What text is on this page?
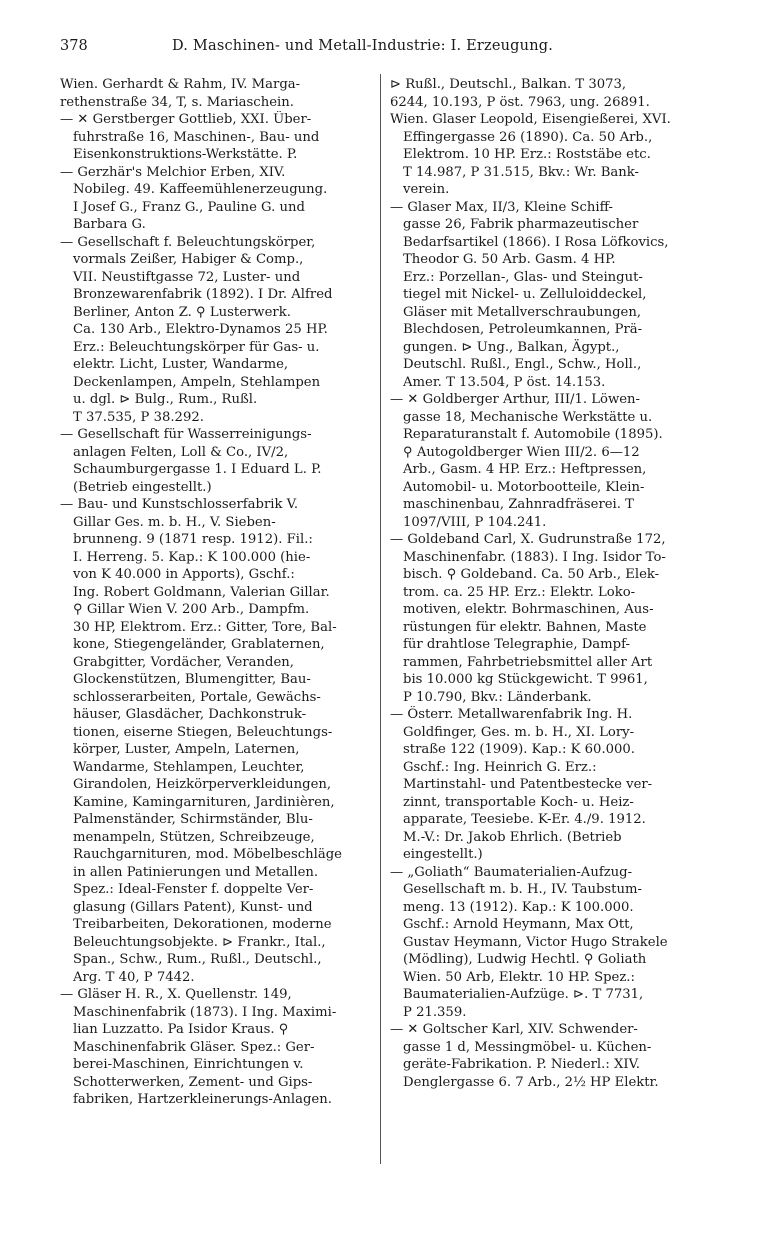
378	D. Maschinen- und Metall-Industrie: I. Erzeugung.
Wien. Gerhardt & Rahm, IV. Marga-
rethenstraße 34, T, s. Mariaschein.
— ✕ Gerstberger Gottlieb, XXI. Über-
fuhrstraße 16, Maschinen-, Bau- und
Eisenkonstruktions-Werkstätte. P.
— Gerzhär's Melchior Erben, XIV.
Nobileg. 49. Kaffeemühlenerzeugung.
I Josef G., Franz G., Pauline G. und
Barbara G.
— Gesellschaft f. Beleuchtungskörper,
vormals Zeißer, Habiger & Comp.,
VII. Neustiftgasse 72, Luster- und
Bronzewarenfabrik (1892). I Dr. Alfred
Berliner, Anton Z. ⚲ Lusterwerk.
Ca. 130 Arb., Elektro-Dynamos 25 HP.
Erz.: Beleuchtungskörper für Gas- u.
elektr. Licht, Luster, Wandarme,
Deckenlampen, Ampeln, Stehlampen
u. dgl. ⊳ Bulg., Rum., Rußl.
T 37.535, P 38.292.
— Gesellschaft für Wasserreinigungs-
anlagen Felten, Loll & Co., IV/2,
Schaumburgergasse 1. I Eduard L. P.
(Betrieb eingestellt.)
— Bau- und Kunstschlosserfabrik V.
Gillar Ges. m. b. H., V. Sieben-
brunneng. 9 (1871 resp. 1912). Fil.:
I. Herreng. 5. Kap.: K 100.000 (hie-
von K 40.000 in Apports), Gschf.:
Ing. Robert Goldmann, Valerian Gillar.
⚲ Gillar Wien V. 200 Arb., Dampfm.
30 HP, Elektrom. Erz.: Gitter, Tore, Bal-
kone, Stiegengeländer, Grablaternen,
Grabgitter, Vordächer, Veranden,
Glockenstützen, Blumengitter, Bau-
schlosserarbeiten, Portale, Gewächs-
häuser, Glasdächer, Dachkonstruk-
tionen, eiserne Stiegen, Beleuchtungs-
körper, Luster, Ampeln, Laternen,
Wandarme, Stehlampen, Leuchter,
Girandolen, Heizkörperverkleidungen,
Kamine, Kamingarnituren, Jardinièren,
Palmenständer, Schirmständer, Blu-
menampeln, Stützen, Schreibzeuge,
Rauchgarnituren, mod. Möbelbeschläge
in allen Patinierungen und Metallen.
Spez.: Ideal-Fenster f. doppelte Ver-
glasung (Gillars Patent), Kunst- und
Treibarbeiten, Dekorationen, moderne
Beleuchtungsobjekte. ⊳ Frankr., Ital.,
Span., Schw., Rum., Rußl., Deutschl.,
Arg. T 40, P 7442.
— Gläser H. R., X. Quellenstr. 149,
Maschinenfabrik (1873). I Ing. Maximi-
lian Luzzatto. Pa Isidor Kraus. ⚲
Maschinenfabrik Gläser. Spez.: Ger-
berei-Maschinen, Einrichtungen v.
Schotterwerken, Zement- und Gips-
fabriken, Hartzerkleinerungs-Anlagen.
⊳ Rußl., Deutschl., Balkan. T 3073,
6244, 10.193, P öst. 7963, ung. 26891.
Wien. Glaser Leopold, Eisengießerei, XVI.
Effingergasse 26 (1890). Ca. 50 Arb.,
Elektrom. 10 HP. Erz.: Roststäbe etc.
T 14.987, P 31.515, Bkv.: Wr. Bank-
verein.
— Glaser Max, II/3, Kleine Schiff-
gasse 26, Fabrik pharmazeutischer
Bedarfsartikel (1866). I Rosa Löfkovics,
Theodor G. 50 Arb. Gasm. 4 HP.
Erz.: Porzellan-, Glas- und Steingut-
tiegel mit Nickel- u. Zelluloiddeckel,
Gläser mit Metallverschraubungen,
Blechdosen, Petroleumkannen, Prä-
gungen. ⊳ Ung., Balkan, Ägypt.,
Deutschl. Rußl., Engl., Schw., Holl.,
Amer. T 13.504, P öst. 14.153.
— ✕ Goldberger Arthur, III/1. Löwen-
gasse 18, Mechanische Werkstätte u.
Reparaturanstalt f. Automobile (1895).
⚲ Autogoldberger Wien III/2. 6—12
Arb., Gasm. 4 HP. Erz.: Heftpressen,
Automobil- u. Motorbootteile, Klein-
maschinenbau, Zahnradfräserei. T
1097/VIII, P 104.241.
— Goldeband Carl, X. Gudrunstraße 172,
Maschinenfabr. (1883). I Ing. Isidor To-
bisch. ⚲ Goldeband. Ca. 50 Arb., Elek-
trom. ca. 25 HP. Erz.: Elektr. Loko-
motiven, elektr. Bohrmaschinen, Aus-
rüstungen für elektr. Bahnen, Maste
für drahtlose Telegraphie, Dampf-
rammen, Fahrbetriebsmittel aller Art
bis 10.000 kg Stückgewicht. T 9961,
P 10.790, Bkv.: Länderbank.
— Österr. Metallwarenfabrik Ing. H.
Goldfinger, Ges. m. b. H., XI. Lory-
straße 122 (1909). Kap.: K 60.000.
Gschf.: Ing. Heinrich G. Erz.:
Martinstahl- und Patentbestecke ver-
zinnt, transportable Koch- u. Heiz-
apparate, Teesiebe. K-Er. 4./9. 1912.
M.-V.: Dr. Jakob Ehrlich. (Betrieb
eingestellt.)
— „Goliath“ Baumaterialien-Aufzug-
Gesellschaft m. b. H., IV. Taubstum-
meng. 13 (1912). Kap.: K 100.000.
Gschf.: Arnold Heymann, Max Ott,
Gustav Heymann, Victor Hugo Strakele
(Mödling), Ludwig Hechtl. ⚲ Goliath
Wien. 50 Arb, Elektr. 10 HP. Spez.:
Baumaterialien-Aufzüge. ⊳. T 7731,
P 21.359.
— ✕ Goltscher Karl, XIV. Schwender-
gasse 1 d, Messingmöbel- u. Küchen-
geräte-Fabrikation. P. Niederl.: XIV.
Denglergasse 6. 7 Arb., 2½ HP Elektr.
